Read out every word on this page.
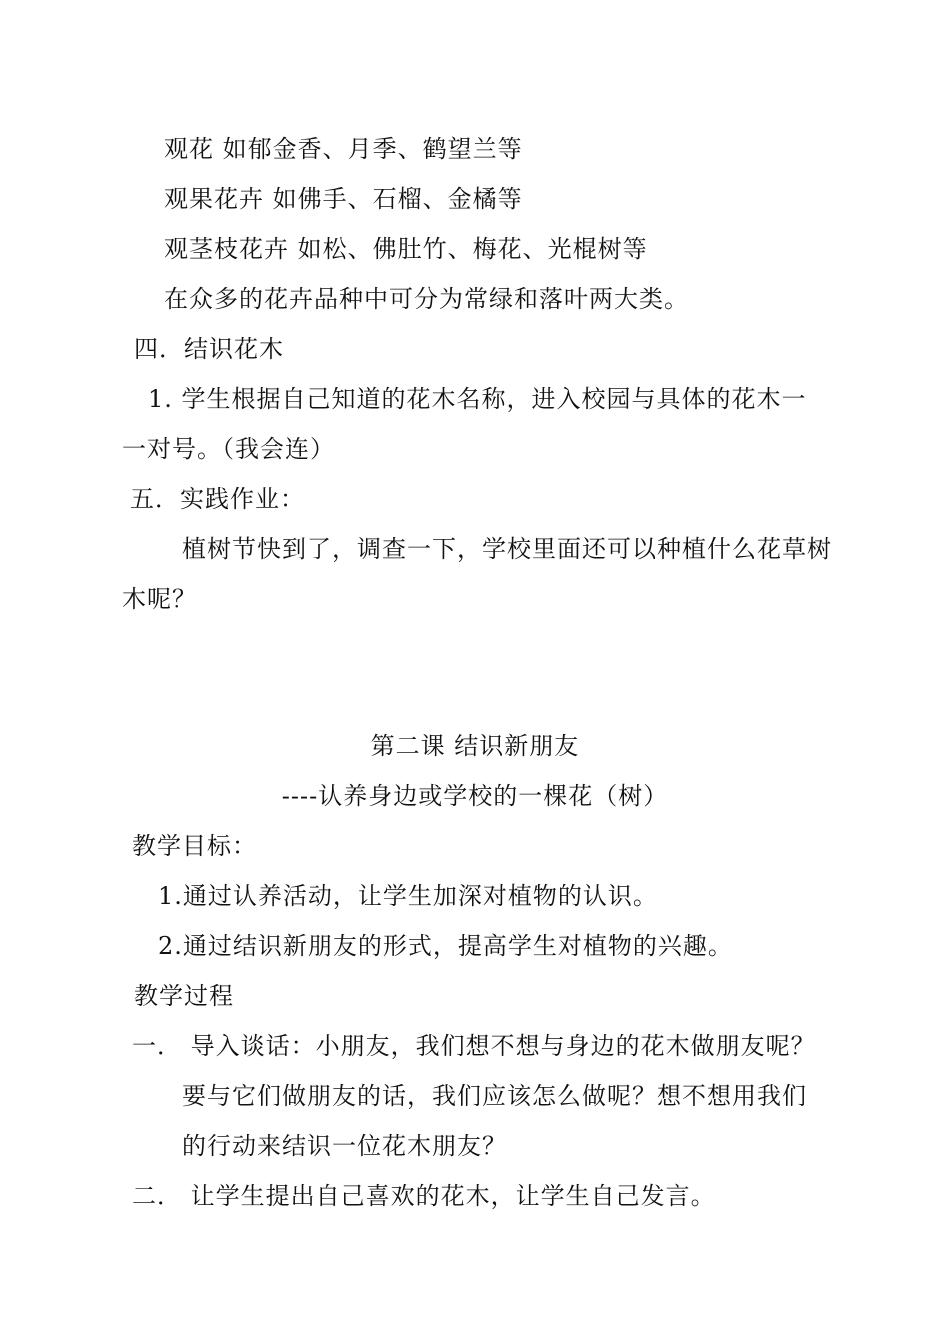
观花 如郁金香、月季、鹤望兰等
观果花卉 如佛手、石榴、金橘等
观茎枝花卉 如松、佛肚竹、梅花、光棍树等
在众多的花卉品种中可分为常绿和落叶两大类。
四．结识花木
1. 学生根据自己知道的花木名称，进入校园与具体的花木一
一对号。（我会连）
五．实践作业：
植树节快到了，调查一下，学校里面还可以种植什么花草树
木呢？
第二课 结识新朋友
----认养身边或学校的一棵花（树）
教学目标：
1.通过认养活动，让学生加深对植物的认识。
2.通过结识新朋友的形式，提高学生对植物的兴趣。
教学过程
一． 导入谈话：小朋友，我们想不想与身边的花木做朋友呢？
要与它们做朋友的话，我们应该怎么做呢？想不想用我们
的行动来结识一位花木朋友？
二． 让学生提出自己喜欢的花木，让学生自己发言。
